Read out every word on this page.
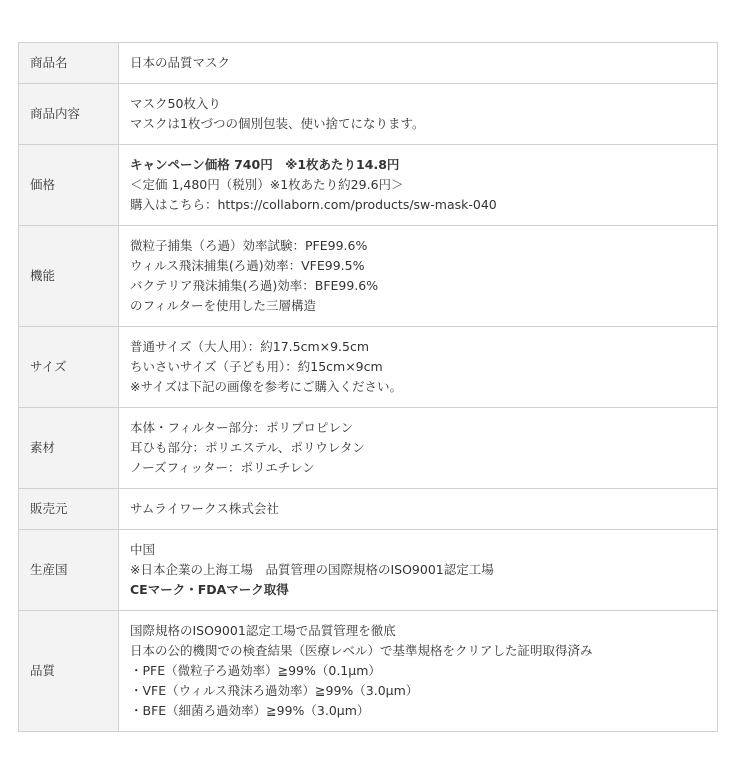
商品名	日本の品質マスク

商品内容	マスク50枚入り
マスクは1枚づつの個別包装、使い捨てになります。

価格	キャンペーン価格 740円　※1枚あたり14.8円
＜定価 1,480円（税別）※1枚あたり約29.6円＞
購入はこちら：https://collaborn.com/products/sw-mask-040

機能	微粒子捕集（ろ過）効率試験：PFE99.6%
ウィルス飛沫捕集(ろ過)効率：VFE99.5%
バクテリア飛沫捕集(ろ過)効率：BFE99.6%
のフィルターを使用した三層構造

サイズ	普通サイズ（大人用）：約17.5cm×9.5cm
ちいさいサイズ（子ども用）：約15cm×9cm
※サイズは下記の画像を参考にご購入ください。

素材	本体・フィルター部分：ポリプロピレン
耳ひも部分：ポリエステル、ポリウレタン
ノーズフィッター：ポリエチレン

販売元	サムライワークス株式会社

生産国	中国
※日本企業の上海工場　品質管理の国際規格のISO9001認定工場
CEマーク・FDAマーク取得

品質	国際規格のISO9001認定工場で品質管理を徹底
日本の公的機関での検査結果（医療レベル）で基準規格をクリアした証明取得済み
・PFE（微粒子ろ過効率）≧99%（0.1μm）
・VFE（ウィルス飛沫ろ過効率）≧99%（3.0μm）
・BFE（細菌ろ過効率）≧99%（3.0μm）
